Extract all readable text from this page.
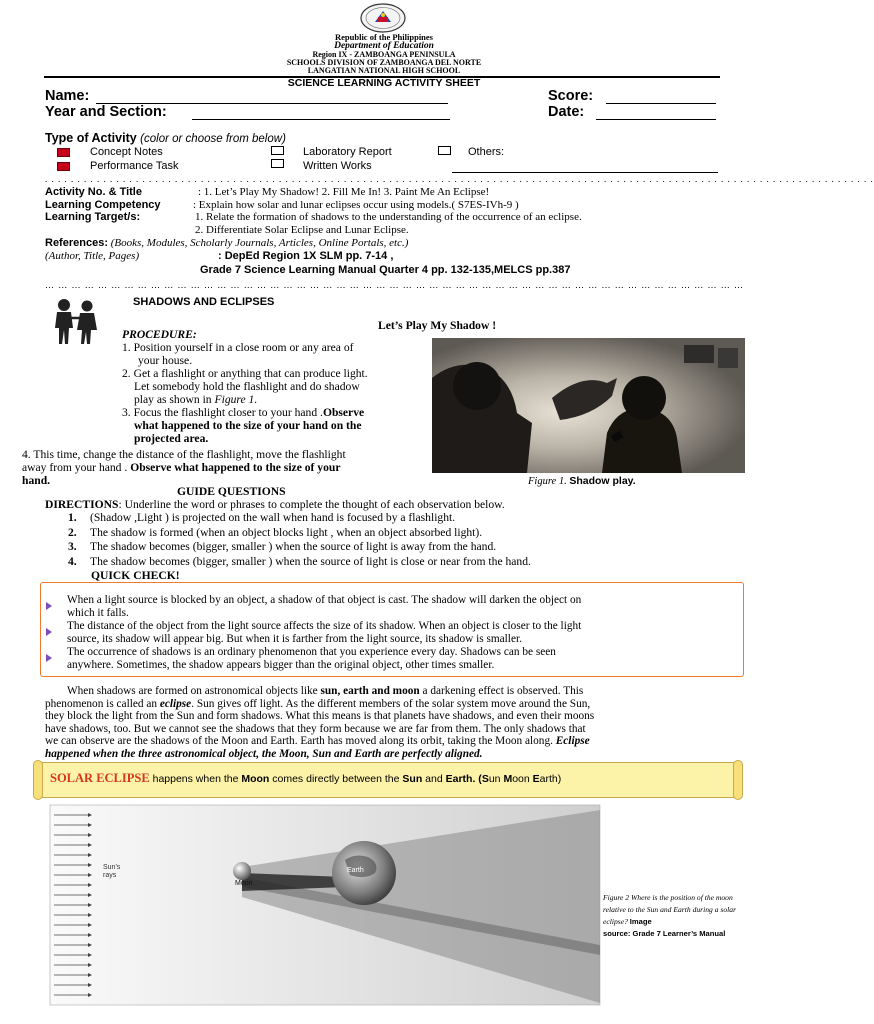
Republic of the Philippines
Department of Education
Region IX - ZAMBOANGA PENINSULA
SCHOOLS DIVISION OF ZAMBOANGA DEL NORTE
LANGATIAN NATIONAL HIGH SCHOOL
SCIENCE LEARNING ACTIVITY SHEET
Name:
Year and Section:
Score:
Date:
Type of Activity (color or choose from below)
Concept Notes
Performance Task
Laboratory Report
Written Works
Others:
. . . . . . . . . . . . . . . . . . . . . . . . . . . . . . . . . . . . . . . . . . . . . . . . . . . . . . . . . . . . . . . . . . . . . . . . . . . . . . . . . . . . . . . . . . . . . . . . . . . . . . . . . . . . . . . . . . . . . . . . . . . . . . . .
Activity No. & Title	: 1. Let’s Play My Shadow! 2. Fill Me In! 3. Paint Me An Eclipse!
Learning Competency	: Explain how solar and lunar eclipses occur using models.( S7ES-IVh-9 )
Learning Target/s:	1. Relate the formation of shadows to the understanding of the occurrence of an eclipse.
2. Differentiate Solar Eclipse and Lunar Eclipse.
References: (Books, Modules, Scholarly Journals, Articles, Online Portals, etc.)
(Author, Title, Pages)	: DepEd Region 1X SLM pp. 7-14 ,
Grade 7 Science Learning Manual Quarter 4 pp. 132-135,MELCS pp.387
… … … … … … … … … … … … … … … … … … … … … … … … … … … … … … … … … … … … … … … … … … … … … … … … … … … … …
SHADOWS AND ECLIPSES
Let’s Play My Shadow !
PROCEDURE:
1. Position yourself in a close room or any area of
your house.
2. Get a flashlight or anything that can produce light.
Let somebody hold the flashlight and do shadow
play as shown in Figure 1.
3. Focus the flashlight closer to your hand .Observe
what happened to the size of your hand on the
projected area.
4. This time, change the distance of the flashlight, move the flashlight
away from your hand . Observe what happened to the size of your
hand.	Figure 1. Shadow play.
GUIDE QUESTIONS
DIRECTIONS: Underline the word or phrases to complete the thought of each observation below.
1. (Shadow ,Light ) is projected on the wall when hand is focused by a flashlight.
2. The shadow is formed (when an object blocks light , when an object absorbed light).
3. The shadow becomes (bigger, smaller ) when the source of light is away from the hand.
4. The shadow becomes (bigger, smaller ) when the source of light is close or near from the hand.
QUICK CHECK!
When a light source is blocked by an object, a shadow of that object is cast. The shadow will darken the object on
which it falls.
The distance of the object from the light source affects the size of its shadow. When an object is closer to the light
source, its shadow will appear big. But when it is farther from the light source, its shadow is smaller.
The occurrence of shadows is an ordinary phenomenon that you experience every day. Shadows can be seen
anywhere. Sometimes, the shadow appears bigger than the original object, other times smaller.
When shadows are formed on astronomical objects like sun, earth and moon a darkening effect is observed. This
phenomenon is called an eclipse. Sun gives off light. As the different members of the solar system move around the Sun,
they block the light from the Sun and form shadows. What this means is that planets have shadows, and even their moons
have shadows, too. But we cannot see the shadows that they form because we are far from them. The only shadows that
we can observe are the shadows of the Moon and Earth. Earth has moved along its orbit, taking the Moon along. Eclipse
happened when the three astronomical object, the Moon, Sun and Earth are perfectly aligned.
SOLAR ECLIPSE happens when the Moon comes directly between the Sun and Earth. (Sun Moon Earth)
Sun's rays
Moon
Earth
Figure 2 Where is the position of the moon relative to the Sun and Earth during a solar eclipse? Image
source: Grade 7 Learner’s Manual
